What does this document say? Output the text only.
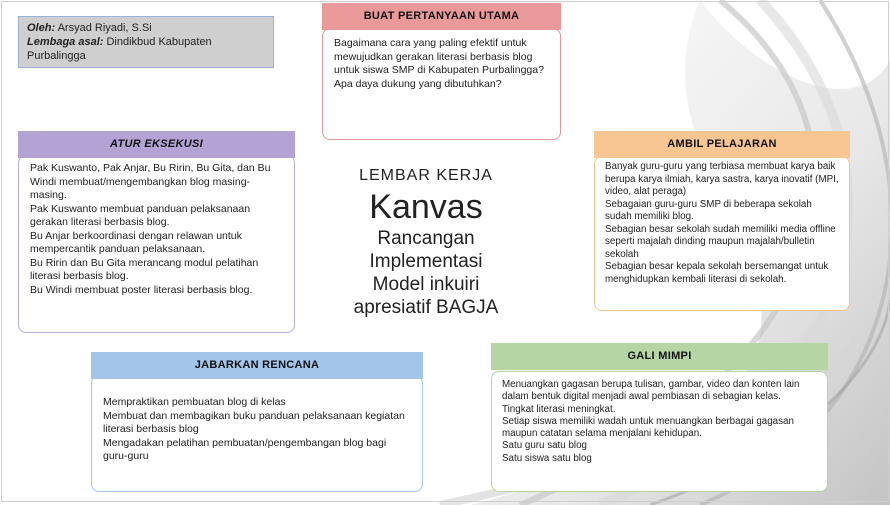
Oleh: Arsyad Riyadi, S.Si
Lembaga asal: Dindikbud Kabupaten Purbalingga

Bagaimana cara yang paling efektif untuk mewujudkan gerakan literasi berbasis blog untuk siswa SMP di Kabupaten Purbalingga?

Apa daya dukung yang dibutuhkan?

BUAT PERTANYAAN UTAMA

Pak Kuswanto, Pak Anjar, Bu Ririn, Bu Gita, dan Bu Windi membuat/mengembangkan blog masing-masing.

Pak Kuswanto membuat panduan pelaksanaan gerakan literasi berbasis blog.

Bu Anjar berkoordinasi dengan relawan untuk mempercantik panduan pelaksanaan.

Bu Ririn dan Bu Gita merancang modul pelatihan literasi berbasis blog.

Bu Windi membuat poster literasi berbasis blog.

ATUR EKSEKUSI

Banyak guru-guru yang terbiasa membuat karya baik berupa karya ilmiah, karya sastra, karya inovatif (MPI, video, alat peraga)

Sebagaian guru-guru SMP di beberapa sekolah sudah memiliki blog.

Sebagian besar sekolah sudah memiliki media offline seperti majalah dinding maupun majalah/bulletin sekolah

Sebagian besar kepala sekolah bersemangat untuk menghidupkan kembali literasi di sekolah.

AMBIL PELAJARAN

Mempraktikan pembuatan blog di kelas

Membuat dan membagikan buku panduan pelaksanaan kegiatan literasi berbasis blog

Mengadakan pelatihan pembuatan/pengembangan blog bagi guru-guru

JABARKAN RENCANA

Menuangkan gagasan berupa tulisan, gambar, video dan konten lain dalam bentuk digital menjadi awal pembiasan di sebagian kelas.

Tingkat literasi meningkat.

Setiap siswa memiliki wadah untuk menuangkan berbagai gagasan maupun catatan selama menjalani kehidupan.

Satu guru satu blog

Satu siswa satu blog

GALI MIMPI
LEMBAR KERJA
Kanvas
Rancangan
Implementasi
Model inkuiri
apresiatif BAGJA
